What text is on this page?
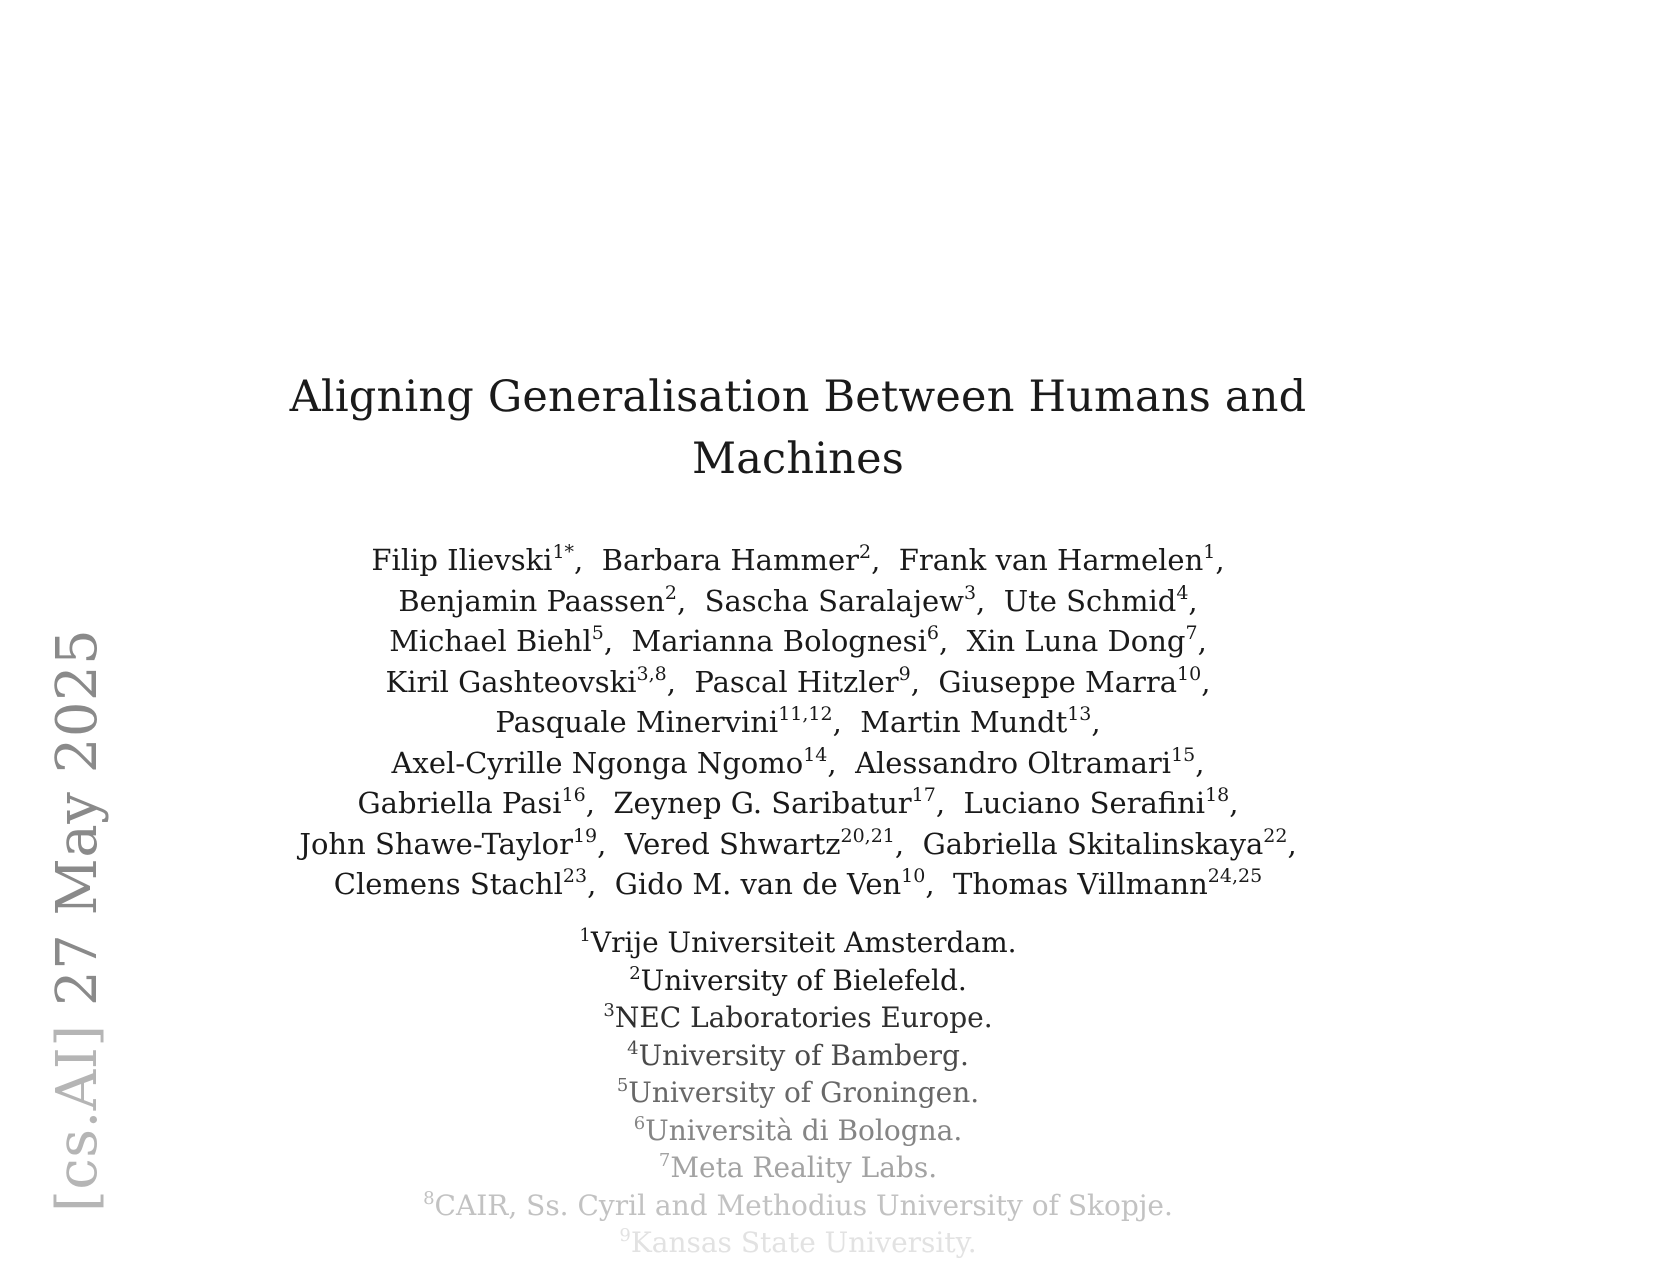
[cs.AI] 27 May 2025
Aligning Generalisation Between Humans and
Machines
Filip Ilievski$^{1*}$,  Barbara Hammer$^2$,  Frank van Harmelen$^1$,
Benjamin Paassen$^2$,  Sascha Saralajew$^3$,  Ute Schmid$^4$,
Michael Biehl$^5$,  Marianna Bolognesi$^6$,  Xin Luna Dong$^7$,
Kiril Gashteovski$^{3,8}$,  Pascal Hitzler$^9$,  Giuseppe Marra$^{10}$,
Pasquale Minervini$^{11,12}$,  Martin Mundt$^{13}$,
Axel-Cyrille Ngonga Ngomo$^{14}$,  Alessandro Oltramari$^{15}$,
Gabriella Pasi$^{16}$,  Zeynep G. Saribatur$^{17}$,  Luciano Serafini$^{18}$,
John Shawe-Taylor$^{19}$,  Vered Shwartz$^{20,21}$,  Gabriella Skitalinskaya$^{22}$,
Clemens Stachl$^{23}$,  Gido M. van de Ven$^{10}$,  Thomas Villmann$^{24,25}$
$^1$Vrije Universiteit Amsterdam.
$^2$University of Bielefeld.
$^3$NEC Laboratories Europe.
$^4$University of Bamberg.
$^5$University of Groningen.
$^6$Università di Bologna.
$^7$Meta Reality Labs.
$^8$CAIR, Ss. Cyril and Methodius University of Skopje.
$^9$Kansas State University.
